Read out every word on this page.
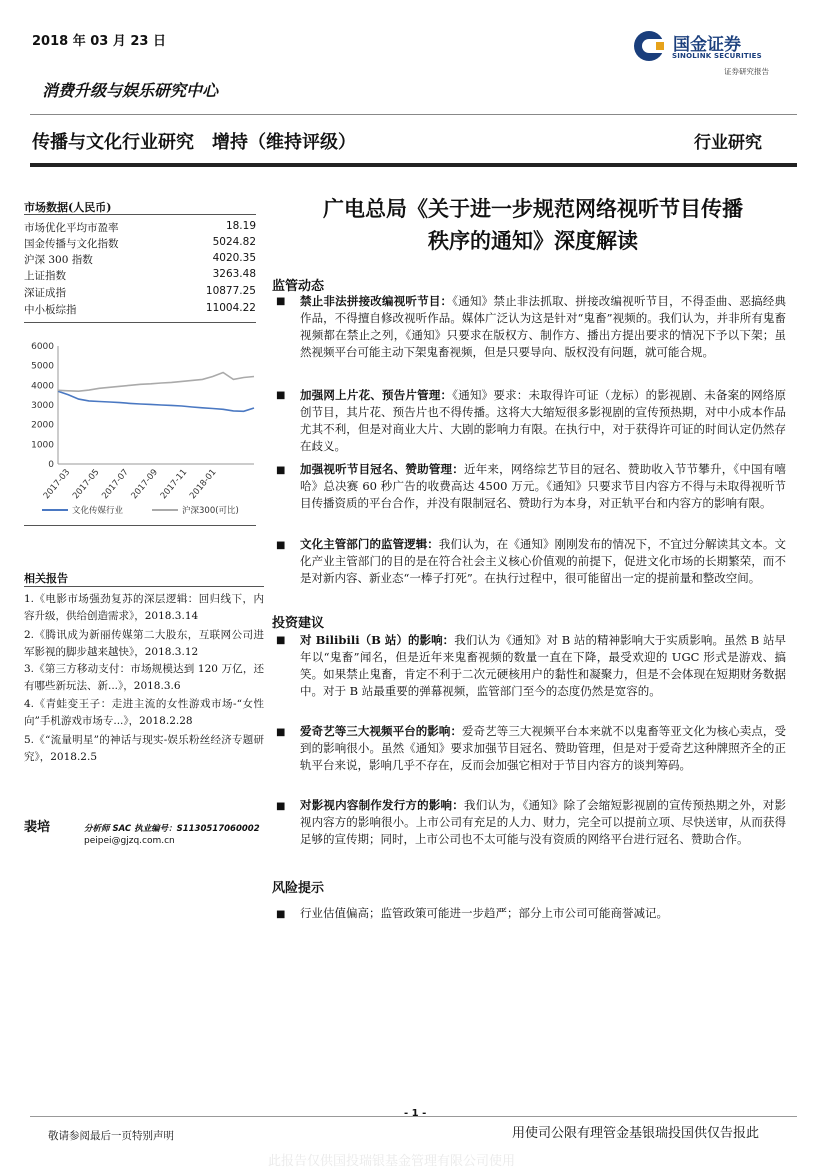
2018 年 03 月 23 日
消费升级与娱乐研究中心
国金证券
SINOLINK SECURITIES
证券研究报告
传播与文化行业研究　增持（维持评级）	行业研究
市场数据(人民币)
市场优化平均市盈率	18.19
国金传播与文化指数	5024.82
沪深 300 指数	4020.35
上证指数	3263.48
深证成指	10877.25
中小板综指	11004.22
0
1000
2000
3000
4000
5000
6000
2017-03
2017-05
2017-07
2017-09
2017-11
2018-01
文化传媒行业	沪深300(可比)
相关报告
1.《电影市场强劲复苏的深层逻辑：回归线下，内容升级，供给创造需求》，2018.3.14
2.《腾讯成为新丽传媒第二大股东，互联网公司进军影视的脚步越来越快》，2018.3.12
3.《第三方移动支付：市场规模达到 120 万亿，还有哪些新玩法、新...》，2018.3.6
4.《青蛙变王子：走进主流的女性游戏市场-“女性向”手机游戏市场专...》，2018.2.28
5.《“流量明星”的神话与现实-娱乐粉丝经济专题研究》，2018.2.5
裴培	分析师 SAC 执业编号：S1130517060002
peipei@gjzq.com.cn
广电总局《关于进一步规范网络视听节目传播
秩序的通知》深度解读
监管动态
■ 禁止非法拼接改编视听节目：《通知》禁止非法抓取、拼接改编视听节目，不得歪曲、恶搞经典作品，不得擅自修改视听作品。媒体广泛认为这是针对“鬼畜”视频的。我们认为，并非所有鬼畜视频都在禁止之列，《通知》只要求在版权方、制作方、播出方提出要求的情况下予以下架；虽然视频平台可能主动下架鬼畜视频，但是只要导向、版权没有问题，就可能合规。
■ 加强网上片花、预告片管理：《通知》要求：未取得许可证（龙标）的影视剧、未备案的网络原创节目，其片花、预告片也不得传播。这将大大缩短很多影视剧的宣传预热期，对中小成本作品尤其不利，但是对商业大片、大剧的影响力有限。在执行中，对于获得许可证的时间认定仍然存在歧义。
■ 加强视听节目冠名、赞助管理：近年来，网络综艺节目的冠名、赞助收入节节攀升，《中国有嘻哈》总决赛 60 秒广告的收费高达 4500 万元。《通知》只要求节目内容方不得与未取得视听节目传播资质的平台合作，并没有限制冠名、赞助行为本身，对正轨平台和内容方的影响有限。
■ 文化主管部门的监管逻辑：我们认为，在《通知》刚刚发布的情况下，不宜过分解读其文本。文化产业主管部门的目的是在符合社会主义核心价值观的前提下，促进文化市场的长期繁荣，而不是对新内容、新业态“一棒子打死”。在执行过程中，很可能留出一定的提前量和整改空间。
投资建议
■ 对 Bilibili（B 站）的影响：我们认为《通知》对 B 站的精神影响大于实质影响。虽然 B 站早年以“鬼畜”闻名，但是近年来鬼畜视频的数量一直在下降，最受欢迎的 UGC 形式是游戏、搞笑。如果禁止鬼畜，肯定不利于二次元硬核用户的黏性和凝聚力，但是不会体现在短期财务数据中。对于 B 站最重要的弹幕视频，监管部门至今的态度仍然是宽容的。
■ 爱奇艺等三大视频平台的影响：爱奇艺等三大视频平台本来就不以鬼畜等亚文化为核心卖点，受到的影响很小。虽然《通知》要求加强节目冠名、赞助管理，但是对于爱奇艺这种牌照齐全的正轨平台来说，影响几乎不存在，反而会加强它相对于节目内容方的谈判筹码。
■ 对影视内容制作发行方的影响：我们认为，《通知》除了会缩短影视剧的宣传预热期之外，对影视内容方的影响很小。上市公司有充足的人力、财力，完全可以提前立项、尽快送审，从而获得足够的宣传期；同时，上市公司也不太可能与没有资质的网络平台进行冠名、赞助合作。
风险提示
■ 行业估值偏高；监管政策可能进一步趋严；部分上市公司可能商誉减记。
- 1 -
敬请参阅最后一页特别声明	用使司公限有理管金基银瑞投国供仅告报此
此报告仅供国投瑞银基金管理有限公司使用
